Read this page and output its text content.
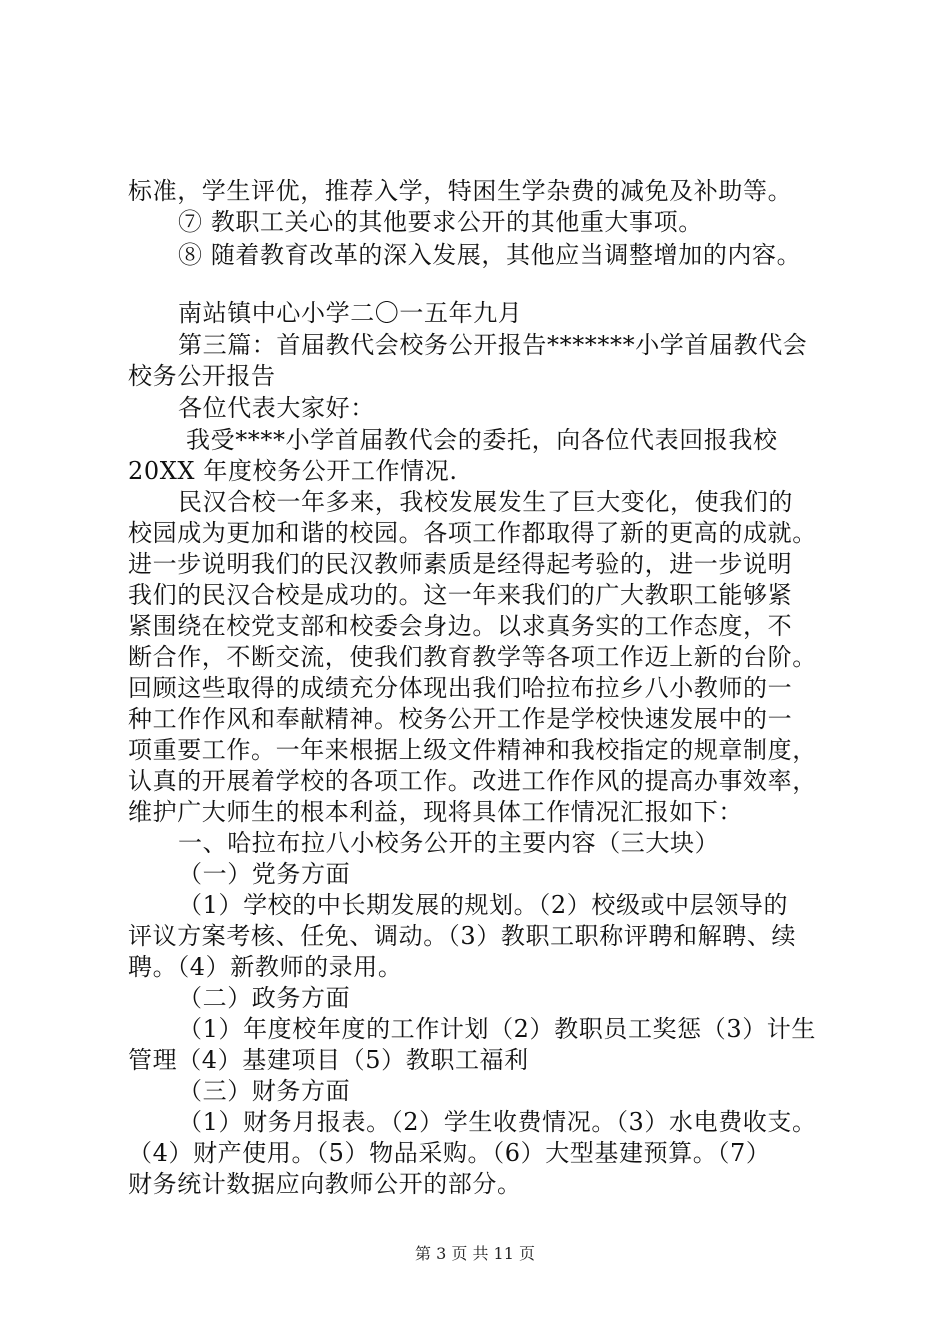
标准，学生评优，推荐入学，特困生学杂费的减免及补助等。
⑦ 教职工关心的其他要求公开的其他重大事项。
⑧ 随着教育改革的深入发展，其他应当调整增加的内容。
南站镇中心小学二〇一五年九月
第三篇：首届教代会校务公开报告*******小学首届教代会
校务公开报告
各位代表大家好：
我受****小学首届教代会的委托，向各位代表回报我校
20XX 年度校务公开工作情况.
民汉合校一年多来，我校发展发生了巨大变化，使我们的
校园成为更加和谐的校园。各项工作都取得了新的更高的成就。
进一步说明我们的民汉教师素质是经得起考验的，进一步说明
我们的民汉合校是成功的。这一年来我们的广大教职工能够紧
紧围绕在校党支部和校委会身边。以求真务实的工作态度，不
断合作，不断交流，使我们教育教学等各项工作迈上新的台阶。
回顾这些取得的成绩充分体现出我们哈拉布拉乡八小教师的一
种工作作风和奉献精神。校务公开工作是学校快速发展中的一
项重要工作。一年来根据上级文件精神和我校指定的规章制度，
认真的开展着学校的各项工作。改进工作作风的提高办事效率，
维护广大师生的根本利益，现将具体工作情况汇报如下：
一、哈拉布拉八小校务公开的主要内容（三大块）
（一）党务方面
（1）学校的中长期发展的规划。（2）校级或中层领导的
评议方案考核、任免、调动。（3）教职工职称评聘和解聘、续
聘。（4）新教师的录用。
（二）政务方面
（1）年度校年度的工作计划（2）教职员工奖惩（3）计生
管理（4）基建项目（5）教职工福利
（三）财务方面
（1）财务月报表。（2）学生收费情况。（3）水电费收支。
（4）财产使用。（5）物品采购。（6）大型基建预算。（7）
财务统计数据应向教师公开的部分。
第 3 页 共 11 页
